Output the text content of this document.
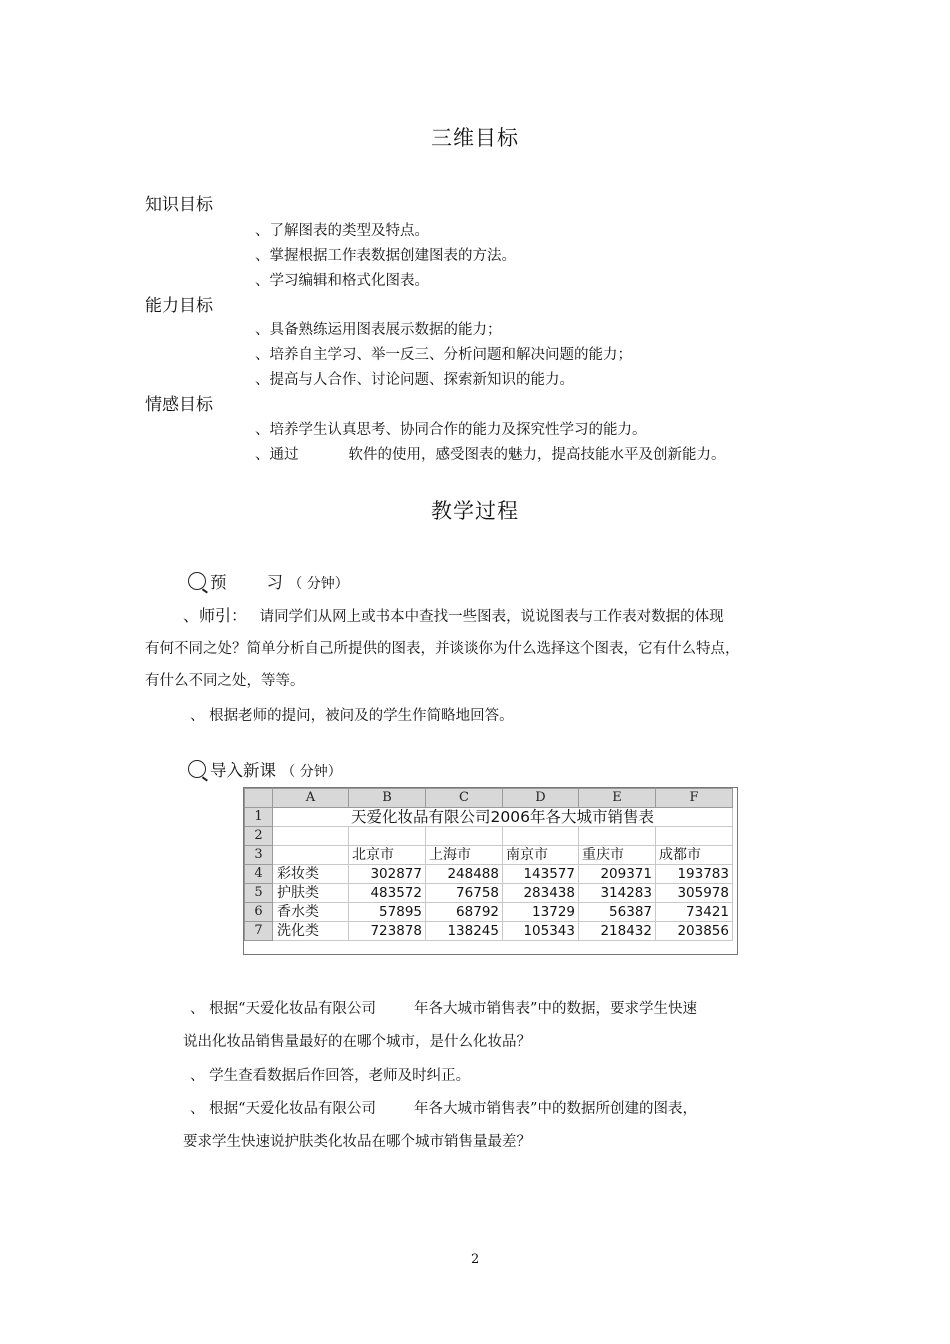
三维目标
知识目标
、了解图表的类型及特点。
、掌握根据工作表数据创建图表的方法。
、学习编辑和格式化图表。
能力目标
、具备熟练运用图表展示数据的能力；
、培养自主学习、举一反三、分析问题和解决问题的能力；
、提高与人合作、讨论问题、探索新知识的能力。
情感目标
、培养学生认真思考、协同合作的能力及探究性学习的能力。
、通过	软件的使用，感受图表的魅力，提高技能水平及创新能力。
教学过程
预 习 （ 分钟）
、师引： 请同学们从网上或书本中查找一些图表，说说图表与工作表对数据的体现
有何不同之处？简单分析自己所提供的图表，并谈谈你为什么选择这个图表，它有什么特点，
有什么不同之处，等等。
、 根据老师的提问，被问及的学生作简略地回答。
导入新课 （ 分钟）
	A	B	C	D	E	F
1	天爱化妆品有限公司2006年各大城市销售表					
2						
3		北京市	上海市	南京市	重庆市	成都市
4	彩妆类	302877	248488	143577	209371	193783
5	护肤类	483572	76758	283438	314283	305978
6	香水类	57895	68792	13729	56387	73421
7	洗化类	723878	138245	105343	218432	203856
、 根据“天爱化妆品有限公司	年各大城市销售表”中的数据，要求学生快速
说出化妆品销售量最好的在哪个城市，是什么化妆品？
、 学生查看数据后作回答，老师及时纠正。
、 根据“天爱化妆品有限公司	年各大城市销售表”中的数据所创建的图表，
要求学生快速说护肤类化妆品在哪个城市销售量最差？
2
